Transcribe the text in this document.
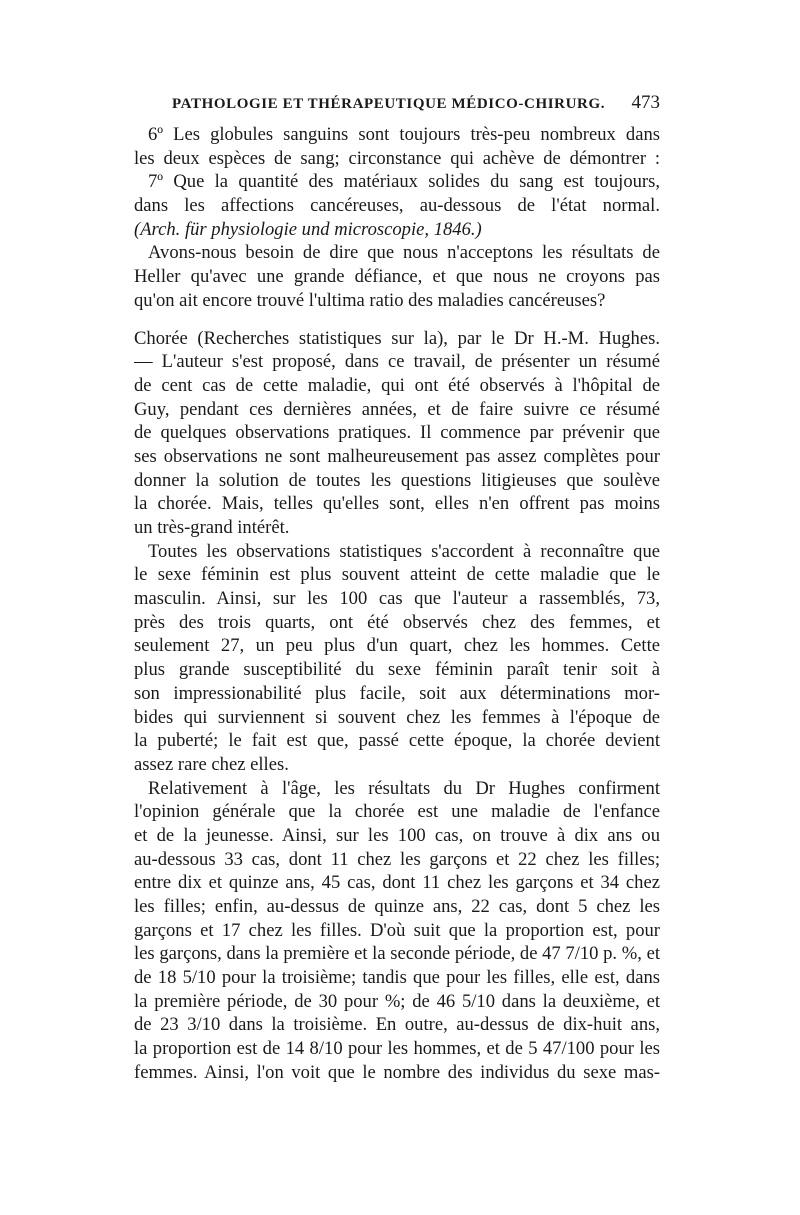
PATHOLOGIE ET THÉRAPEUTIQUE MÉDICO-CHIRURG. 473
6º Les globules sanguins sont toujours très-peu nombreux dans
les deux espèces de sang; circonstance qui achève de démontrer :
7º Que la quantité des matériaux solides du sang est toujours,
dans les affections cancéreuses, au-dessous de l'état normal.
(Arch. für physiologie und microscopie, 1846.)
Avons-nous besoin de dire que nous n'acceptons les résultats de
Heller qu'avec une grande défiance, et que nous ne croyons pas
qu'on ait encore trouvé l'ultima ratio des maladies cancéreuses?
Chorée (Recherches statistiques sur la), par le Dr H.-M. Hughes.
— L'auteur s'est proposé, dans ce travail, de présenter un résumé
de cent cas de cette maladie, qui ont été observés à l'hôpital de
Guy, pendant ces dernières années, et de faire suivre ce résumé
de quelques observations pratiques. Il commence par prévenir que
ses observations ne sont malheureusement pas assez complètes pour
donner la solution de toutes les questions litigieuses que soulève
la chorée. Mais, telles qu'elles sont, elles n'en offrent pas moins
un très-grand intérêt.
Toutes les observations statistiques s'accordent à reconnaître que
le sexe féminin est plus souvent atteint de cette maladie que le
masculin. Ainsi, sur les 100 cas que l'auteur a rassemblés, 73,
près des trois quarts, ont été observés chez des femmes, et
seulement 27, un peu plus d'un quart, chez les hommes. Cette
plus grande susceptibilité du sexe féminin paraît tenir soit à
son impressionabilité plus facile, soit aux déterminations mor-
bides qui surviennent si souvent chez les femmes à l'époque de
la puberté; le fait est que, passé cette époque, la chorée devient
assez rare chez elles.
Relativement à l'âge, les résultats du Dr Hughes confirment
l'opinion générale que la chorée est une maladie de l'enfance
et de la jeunesse. Ainsi, sur les 100 cas, on trouve à dix ans ou
au-dessous 33 cas, dont 11 chez les garçons et 22 chez les filles;
entre dix et quinze ans, 45 cas, dont 11 chez les garçons et 34 chez
les filles; enfin, au-dessus de quinze ans, 22 cas, dont 5 chez les
garçons et 17 chez les filles. D'où suit que la proportion est, pour
les garçons, dans la première et la seconde période, de 47 7/10 p. %, et
de 18 5/10 pour la troisième; tandis que pour les filles, elle est, dans
la première période, de 30 pour %; de 46 5/10 dans la deuxième, et
de 23 3/10 dans la troisième. En outre, au-dessus de dix-huit ans,
la proportion est de 14 8/10 pour les hommes, et de 5 47/100 pour les
femmes. Ainsi, l'on voit que le nombre des individus du sexe mas-
